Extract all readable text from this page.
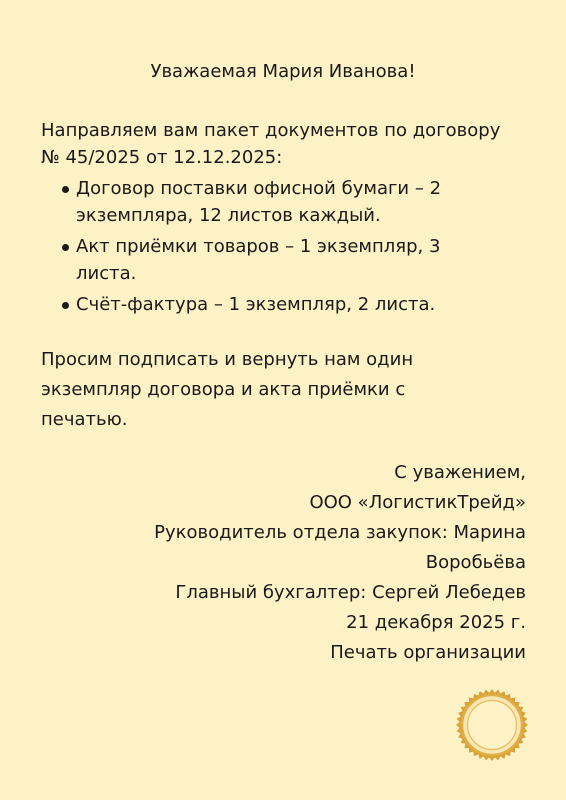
Уважаемая Мария Иванова!

Направляем вам пакет документов по договору № 45/2025 от 12.12.2025:

Договор поставки офисной бумаги – 2 экземпляра, 12 листов каждый.
Акт приёмки товаров – 1 экземпляр, 3 листа.
Счёт-фактура – 1 экземпляр, 2 листа.

Просим подписать и вернуть нам один экземпляр договора и акта приёмки с печатью.

С уважением,
ООО «ЛогистикТрейд»
Руководитель отдела закупок: Марина Воробьёва
Главный бухгалтер: Сергей Лебедев
21 декабря 2025 г.
Печать организации
